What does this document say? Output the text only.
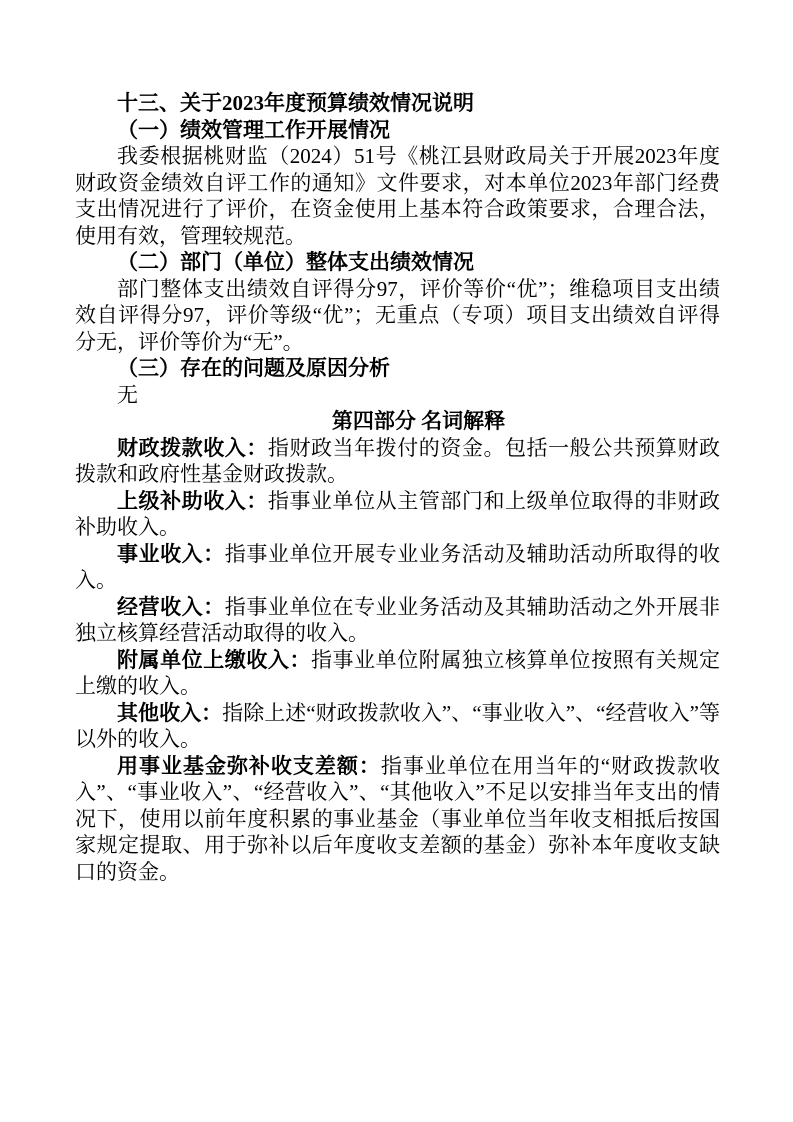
十三、关于2023年度预算绩效情况说明

（一）绩效管理工作开展情况

我委根据桃财监（2024）51号《桃江县财政局关于开展2023年度财政资金绩效自评工作的通知》文件要求，对本单位2023年部门经费支出情况进行了评价，在资金使用上基本符合政策要求，合理合法，使用有效，管理较规范。

（二）部门（单位）整体支出绩效情况

部门整体支出绩效自评得分97，评价等价“优”；维稳项目支出绩效自评得分97，评价等级“优”；无重点（专项）项目支出绩效自评得分无，评价等价为“无”。

（三）存在的问题及原因分析

无

第四部分 名词解释

财政拨款收入：指财政当年拨付的资金。包括一般公共预算财政拨款和政府性基金财政拨款。

上级补助收入：指事业单位从主管部门和上级单位取得的非财政补助收入。

事业收入：指事业单位开展专业业务活动及辅助活动所取得的收入。

经营收入：指事业单位在专业业务活动及其辅助活动之外开展非独立核算经营活动取得的收入。

附属单位上缴收入：指事业单位附属独立核算单位按照有关规定上缴的收入。

其他收入：指除上述“财政拨款收入”、“事业收入”、“经营收入”等以外的收入。

用事业基金弥补收支差额：指事业单位在用当年的“财政拨款收入”、“事业收入”、“经营收入”、“其他收入”不足以安排当年支出的情况下，使用以前年度积累的事业基金（事业单位当年收支相抵后按国家规定提取、用于弥补以后年度收支差额的基金）弥补本年度收支缺口的资金。
